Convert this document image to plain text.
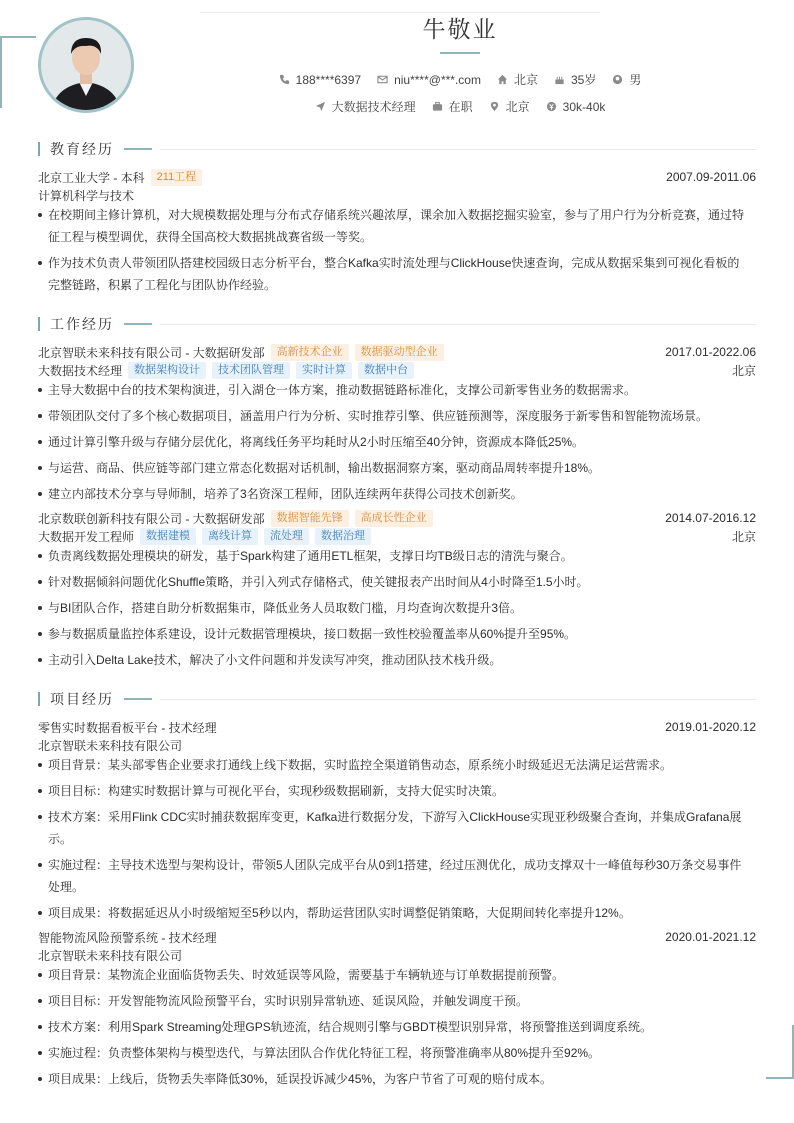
牛敬业
188****6397	niu****@***.com	北京	35岁	男
大数据技术经理	在职	北京	30k-40k
教育经历
北京工业大学 - 本科	211工程	2007.09-2011.06
计算机科学与技术
在校期间主修计算机，对大规模数据处理与分布式存储系统兴趣浓厚，课余加入数据挖掘实验室，参与了用户行为分析竞赛，通过特征工程与模型调优，获得全国高校大数据挑战赛省级一等奖。
作为技术负责人带领团队搭建校园级日志分析平台，整合Kafka实时流处理与ClickHouse快速查询，完成从数据采集到可视化看板的完整链路，积累了工程化与团队协作经验。
工作经历
北京智联未来科技有限公司 - 大数据研发部	高新技术企业	数据驱动型企业	2017.01-2022.06
大数据技术经理	数据架构设计	技术团队管理	实时计算	数据中台	北京
主导大数据中台的技术架构演进，引入湖仓一体方案，推动数据链路标准化，支撑公司新零售业务的数据需求。
带领团队交付了多个核心数据项目，涵盖用户行为分析、实时推荐引擎、供应链预测等，深度服务于新零售和智能物流场景。
通过计算引擎升级与存储分层优化，将离线任务平均耗时从2小时压缩至40分钟，资源成本降低25%。
与运营、商品、供应链等部门建立常态化数据对话机制，输出数据洞察方案，驱动商品周转率提升18%。
建立内部技术分享与导师制，培养了3名资深工程师，团队连续两年获得公司技术创新奖。
北京数联创新科技有限公司 - 大数据研发部	数据智能先锋	高成长性企业	2014.07-2016.12
大数据开发工程师	数据建模	离线计算	流处理	数据治理	北京
负责离线数据处理模块的研发，基于Spark构建了通用ETL框架，支撑日均TB级日志的清洗与聚合。
针对数据倾斜问题优化Shuffle策略，并引入列式存储格式，使关键报表产出时间从4小时降至1.5小时。
与BI团队合作，搭建自助分析数据集市，降低业务人员取数门槛，月均查询次数提升3倍。
参与数据质量监控体系建设，设计元数据管理模块，接口数据一致性校验覆盖率从60%提升至95%。
主动引入Delta Lake技术，解决了小文件问题和并发读写冲突，推动团队技术栈升级。
项目经历
零售实时数据看板平台 - 技术经理	2019.01-2020.12
北京智联未来科技有限公司
项目背景：某头部零售企业要求打通线上线下数据，实时监控全渠道销售动态，原系统小时级延迟无法满足运营需求。
项目目标：构建实时数据计算与可视化平台，实现秒级数据刷新，支持大促实时决策。
技术方案：采用Flink CDC实时捕获数据库变更，Kafka进行数据分发，下游写入ClickHouse实现亚秒级聚合查询，并集成Grafana展示。
实施过程：主导技术选型与架构设计，带领5人团队完成平台从0到1搭建，经过压测优化，成功支撑双十一峰值每秒30万条交易事件处理。
项目成果：将数据延迟从小时级缩短至5秒以内，帮助运营团队实时调整促销策略，大促期间转化率提升12%。
智能物流风险预警系统 - 技术经理	2020.01-2021.12
北京智联未来科技有限公司
项目背景：某物流企业面临货物丢失、时效延误等风险，需要基于车辆轨迹与订单数据提前预警。
项目目标：开发智能物流风险预警平台，实时识别异常轨迹、延误风险，并触发调度干预。
技术方案：利用Spark Streaming处理GPS轨迹流，结合规则引擎与GBDT模型识别异常，将预警推送到调度系统。
实施过程：负责整体架构与模型迭代，与算法团队合作优化特征工程，将预警准确率从80%提升至92%。
项目成果：上线后，货物丢失率降低30%，延误投诉减少45%，为客户节省了可观的赔付成本。
